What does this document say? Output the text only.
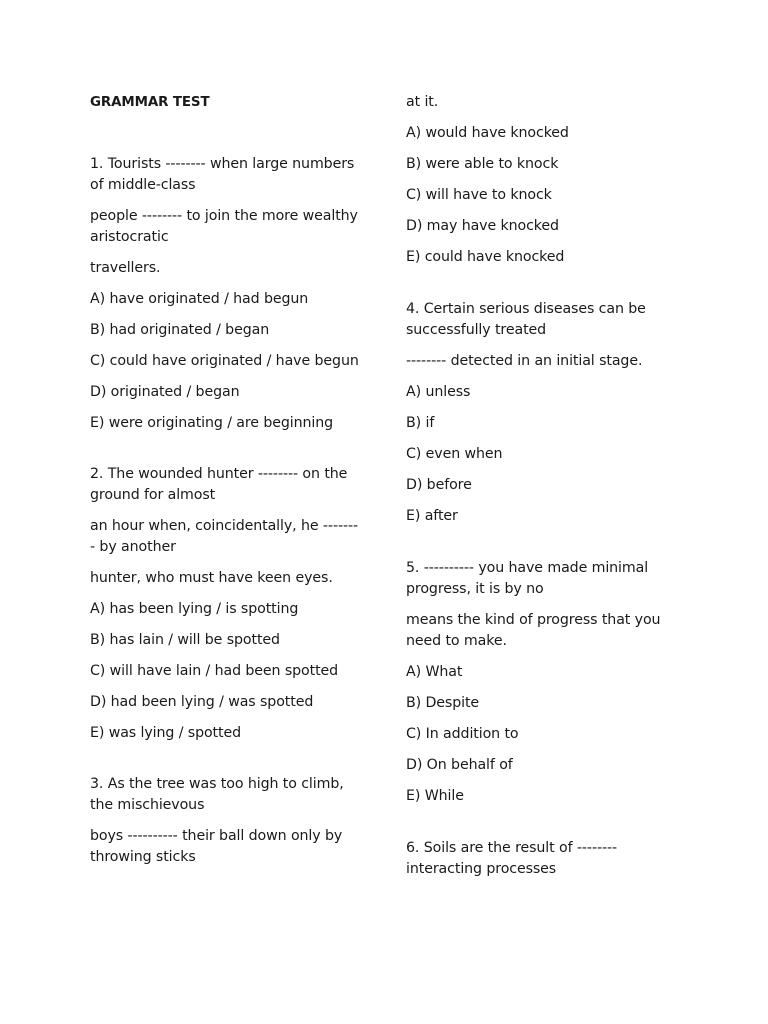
GRAMMAR TEST

1. Tourists -------- when large numbers of middle-class

people -------- to join the more wealthy aristocratic

travellers.

A) have originated / had begun

B) had originated / began

C) could have originated / have begun

D) originated / began

E) were originating / are beginning

2. The wounded hunter -------- on the ground for almost

an hour when, coincidentally, he -------- by another

hunter, who must have keen eyes.

A) has been lying / is spotting

B) has lain / will be spotted

C) will have lain / had been spotted

D) had been lying / was spotted

E) was lying / spotted

3. As the tree was too high to climb, the mischievous

boys ---------- their ball down only by throwing sticks

at it.

A) would have knocked

B) were able to knock

C) will have to knock

D) may have knocked

E) could have knocked

4. Certain serious diseases can be successfully treated

-------- detected in an initial stage.

A) unless

B) if

C) even when

D) before

E) after

5. ---------- you have made minimal progress, it is by no

means the kind of progress that you need to make.

A) What

B) Despite

C) In addition to

D) On behalf of

E) While

6. Soils are the result of -------- interacting processes
